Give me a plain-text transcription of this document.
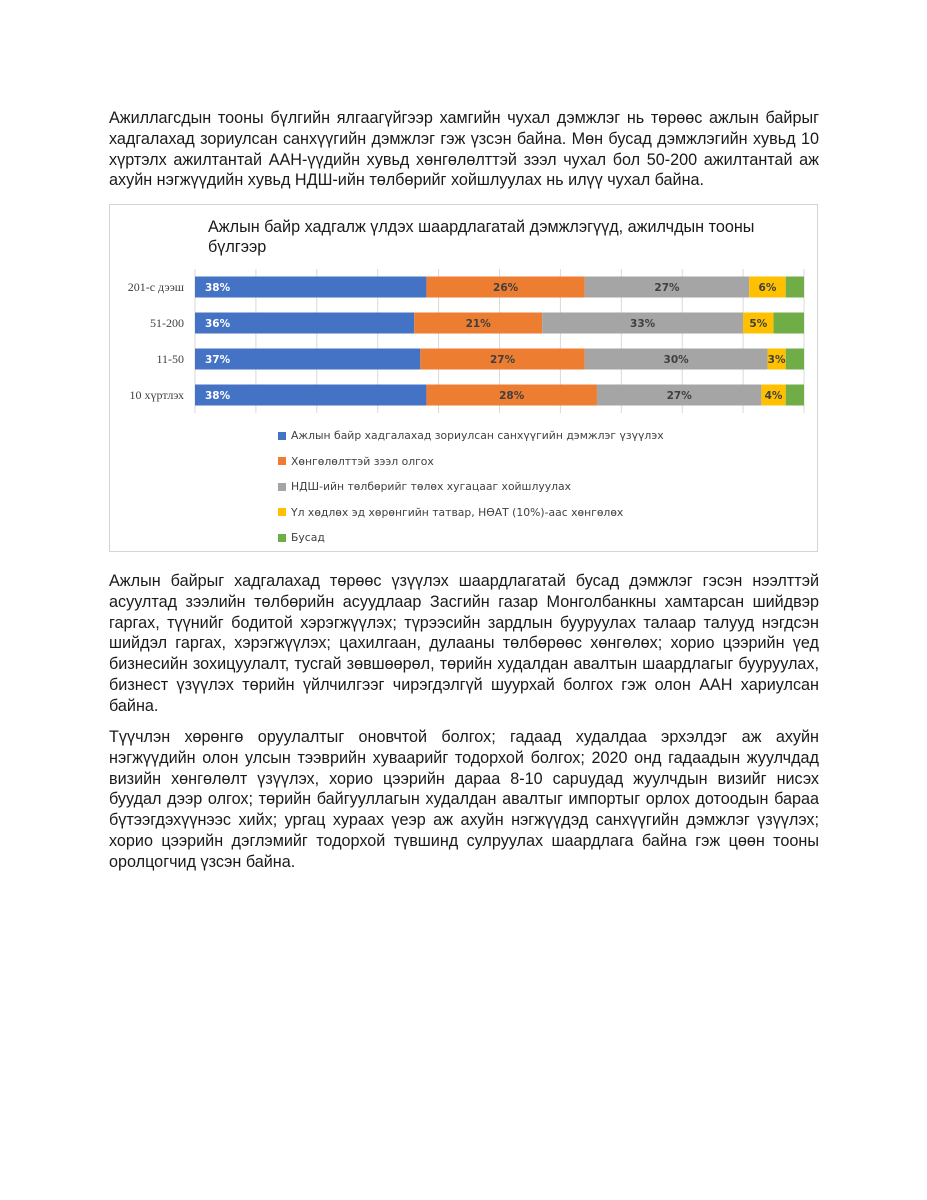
Ажиллагсдын тооны бүлгийн ялгаагүйгээр хамгийн чухал дэмжлэг нь төрөөс ажлын байрыг хадгалахад зориулсан санхүүгийн дэмжлэг гэж үзсэн байна. Мөн бусад дэмжлэгийн хувьд 10 хүртэлх ажилтантай ААН-үүдийн хувьд хөнгөлөлттэй зээл чухал бол 50-200 ажилтантай аж ахуйн нэгжүүдийн хувьд НДШ-ийн төлбөрийг хойшлуулах нь илүү чухал байна.

Ажлын байр хадгалж үлдэх шаардлагатай дэмжлэгүүд, ажилчдын тооны бүлгээр
201-с дээш 38%	26%	27%	6%
51-200 36%	21%	33%	5%
11-50 37%	27%	30%	3%
10 хүртлэх 38%	28%	27%	4%
Ажлын байр хадгалахад зориулсан санхүүгийн дэмжлэг үзүүлэх
Хөнгөлөлттэй зээл олгох
НДШ-ийн төлбөрийг төлөх хугацааг хойшлуулах
Үл хөдлөх эд хөрөнгийн татвар, НӨАТ (10%)-аас хөнгөлөх
Бусад

Ажлын байрыг хадгалахад төрөөс үзүүлэх шаардлагатай бусад дэмжлэг гэсэн нээлттэй асуултад зээлийн төлбөрийн асуудлаар Засгийн газар Монголбанкны хамтарсан шийдвэр гаргах, түүнийг бодитой хэрэгжүүлэх; түрээсийн зардлын бууруулах талаар талууд нэгдсэн шийдэл гаргах, хэрэгжүүлэх; цахилгаан, дулааны төлбөрөөс хөнгөлөх; хорио цээрийн үед бизнесийн зохицуулалт, тусгай зөвшөөрөл, төрийн худалдан авалтын шаардлагыг бууруулах, бизнест үзүүлэх төрийн үйлчилгээг чирэгдэлгүй шуурхай болгох гэж олон ААН хариулсан байна.

Түүчлэн хөрөнгө оруулалтыг оновчтой болгох; гадаад худалдаа эрхэлдэг аж ахуйн нэгжүүдийн олон улсын тээврийн хуваарийг тодорхой болгох; 2020 онд гадаадын жуулчдад визийн хөнгөлөлт үзүүлэх, хорио цээрийн дараа 8-10 сарuудад жуулчдын визийг нисэх буудал дээр олгох; төрийн байгууллагын худалдан авалтыг импортыг орлох дотоодын бараа бүтээгдэхүүнээс хийх; ургац хураах үеэр аж ахуйн нэгжүүдэд санхүүгийн дэмжлэг үзүүлэх; хорио цээрийн дэглэмийг тодорхой түвшинд сулруулах шаардлага байна гэж цөөн тооны оролцогчид үзсэн байна.
